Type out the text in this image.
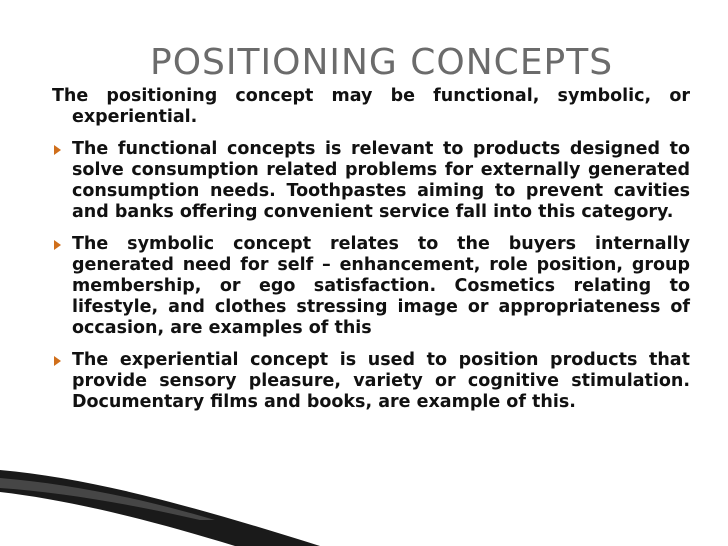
POSITIONING CONCEPTS

The positioning concept may be functional, symbolic, or experiential.

The functional concepts is relevant to products designed to solve consumption related problems for externally generated consumption needs. Toothpastes aiming to prevent cavities and banks offering convenient service fall into this category.
The symbolic concept relates to the buyers internally generated need for self – enhancement, role position, group membership, or ego satisfaction. Cosmetics relating to lifestyle, and clothes stressing image or appropriateness of occasion, are examples of this
The experiential concept is used to position products that provide sensory pleasure, variety or cognitive stimulation. Documentary films and books, are example of this.
